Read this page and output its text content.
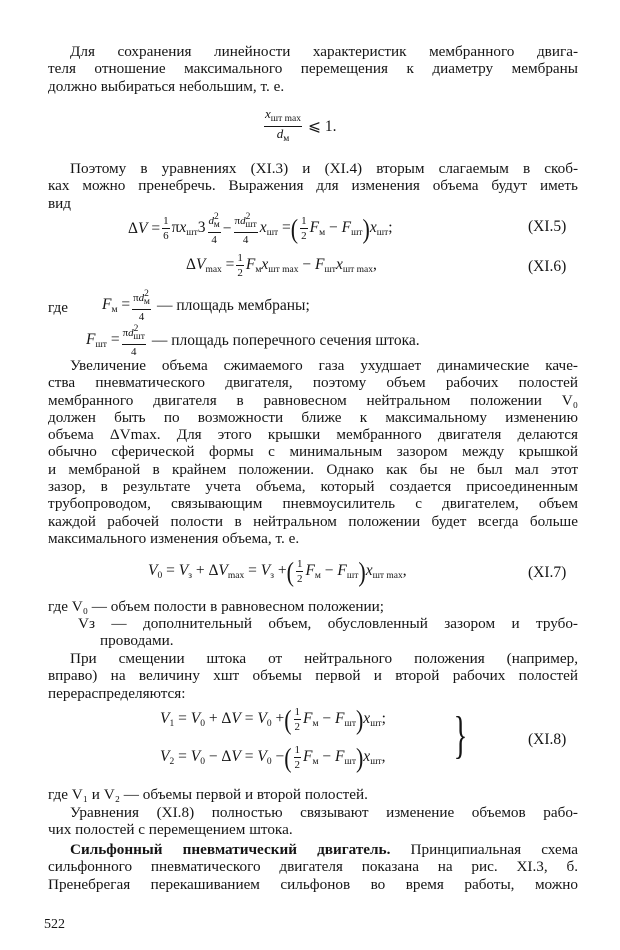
Для сохранения линейности характеристик мембранного двига-
теля отношение максимального перемещения к диаметру мембраны
должно выбираться небольшим, т. е.
$\frac{x_{шт max}}{d_м}$ ⩽ 1.
Поэтому в уравнениях (XI.3) и (XI.4) вторым слагаемым в скоб-
ках можно пренебречь. Выражения для изменения объема будут иметь
вид
$\Delta V = \frac{1}{6} \pi x_{шт}3 \frac{d2м}{4} - \frac{\pi d2шт}{4} x_{шт}$ = ( $\frac{1}{2} F_м - F_{шт}$ ) $x_{шт}$;	(XI.5)
$\Delta V_{max} = \frac{1}{2} F_мx_{шт max} - F_{шт}x_{шт max}$,	(XI.6)
где $F_м = \frac{\pi d2м}{4}$ — площадь мембраны;
$F_{шт} = \frac{\pi d2шт}{4}$ — площадь поперечного сечения штока.
Увеличение объема сжимаемого газа ухудшает динамические каче-
ства пневматического двигателя, поэтому объем рабочих полостей
мембранного двигателя в равновесном нейтральном положении V₀
должен быть по возможности ближе к максимальному изменению
объема ΔVmax. Для этого крышки мембранного двигателя делаются
обычно сферической формы с минимальным зазором между крышкой
и мембраной в крайнем положении. Однако как бы не был мал этот
зазор, в результате учета объема, который создается присоединенным
трубопроводом, связывающим пневмоусилитель с двигателем, объем
каждой рабочей полости в нейтральном положении будет всегда больше
максимального изменения объема, т. е.
$V_0 = V_з + \Delta V_{max} = V_з$ + ( $\frac{1}{2} F_м - F_{шт}$ ) $x_{шт max}$,	(XI.7)
где V₀ — объем полости в равновесном положении;
Vз — дополнительный объем, обусловленный зазором и трубо-
проводами.
При смещении штока от нейтрального положения (например,
вправо) на величину xшт объемы первой и второй рабочих полостей
перераспределяются:
$V_1 = V_0 + \Delta V = V_0$ + ( $\frac{1}{2} F_м - F_{шт}$ ) $x_{шт}$;
$V_2 = V_0 - \Delta V = V_0$ − ( $\frac{1}{2} F_м - F_{шт}$ ) $x_{шт}$, }	(XI.8)
где V₁ и V₂ — объемы первой и второй полостей.
Уравнения (XI.8) полностью связывают изменение объемов рабо-
чих полостей с перемещением штока.
Сильфонный пневматический двигатель. Принципиальная схема
сильфонного пневматического двигателя показана на рис. XI.3, б.
Пренебрегая перекашиванием сильфонов во время работы, можно
522
